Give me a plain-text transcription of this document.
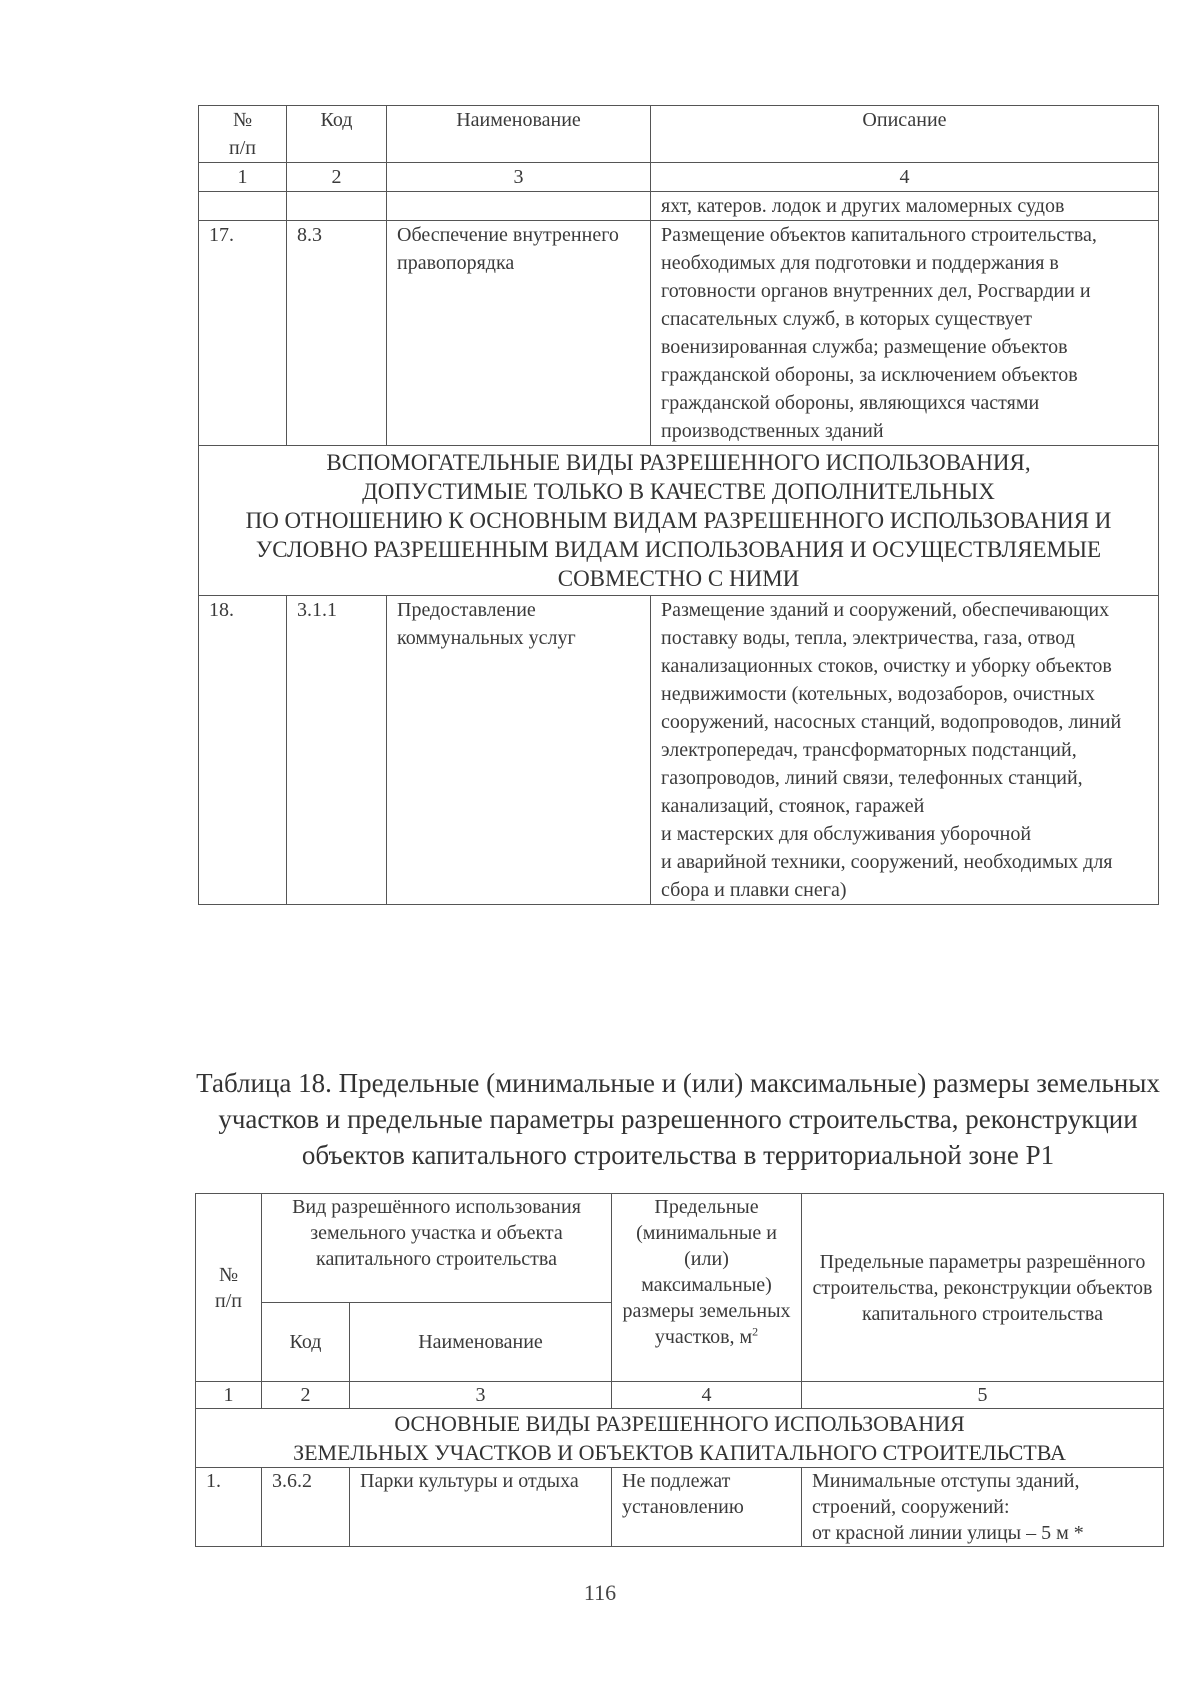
№
п/п	Код	Наименование	Описание
1	2	3	4
			яхт, катеров. лодок и других маломерных судов
17.	8.3	Обеспечение внутреннего правопорядка	Размещение объектов капитального строительства, необходимых для подготовки и поддержания в готовности органов внутренних дел, Росгвардии и спасательных служб, в которых существует военизированная служба; размещение объектов гражданской обороны, за исключением объектов гражданской обороны, являющихся частями производственных зданий
ВСПОМОГАТЕЛЬНЫЕ ВИДЫ РАЗРЕШЕННОГО ИСПОЛЬЗОВАНИЯ,
ДОПУСТИМЫЕ ТОЛЬКО В КАЧЕСТВЕ ДОПОЛНИТЕЛЬНЫХ
ПО ОТНОШЕНИЮ К ОСНОВНЫМ ВИДАМ РАЗРЕШЕННОГО ИСПОЛЬЗОВАНИЯ И УСЛОВНО РАЗРЕШЕННЫМ ВИДАМ ИСПОЛЬЗОВАНИЯ И ОСУЩЕСТВЛЯЕМЫЕ СОВМЕСТНО С НИМИ			
18.	3.1.1	Предоставление коммунальных услуг	Размещение зданий и сооружений, обеспечивающих поставку воды, тепла, электричества, газа, отвод канализационных стоков, очистку и уборку объектов недвижимости (котельных, водозаборов, очистных сооружений, насосных станций, водопроводов, линий электропередач, трансформаторных подстанций, газопроводов, линий связи, телефонных станций, канализаций, стоянок, гаражей
и мастерских для обслуживания уборочной
и аварийной техники, сооружений, необходимых для сбора и плавки снега)
Таблица 18. Предельные (минимальные и (или) максимальные) размеры земельных участков и предельные параметры разрешенного строительства, реконструкции объектов капитального строительства в территориальной зоне Р1
№
п/п	Вид разрешённого использования земельного участка и объекта капитального строительства		Предельные (минимальные и (или) максимальные) размеры земельных участков, $м^2$	Предельные параметры разрешённого строительства, реконструкции объектов капитального строительства
	Код	Наименование		
1	2	3	4	5
ОСНОВНЫЕ ВИДЫ РАЗРЕШЕННОГО ИСПОЛЬЗОВАНИЯ
ЗЕМЕЛЬНЫХ УЧАСТКОВ И ОБЪЕКТОВ КАПИТАЛЬНОГО СТРОИТЕЛЬСТВА				
1.	3.6.2	Парки культуры и отдыха	Не подлежат установлению	Минимальные отступы зданий, строений, сооружений:
от красной линии улицы – 5 м *
116
